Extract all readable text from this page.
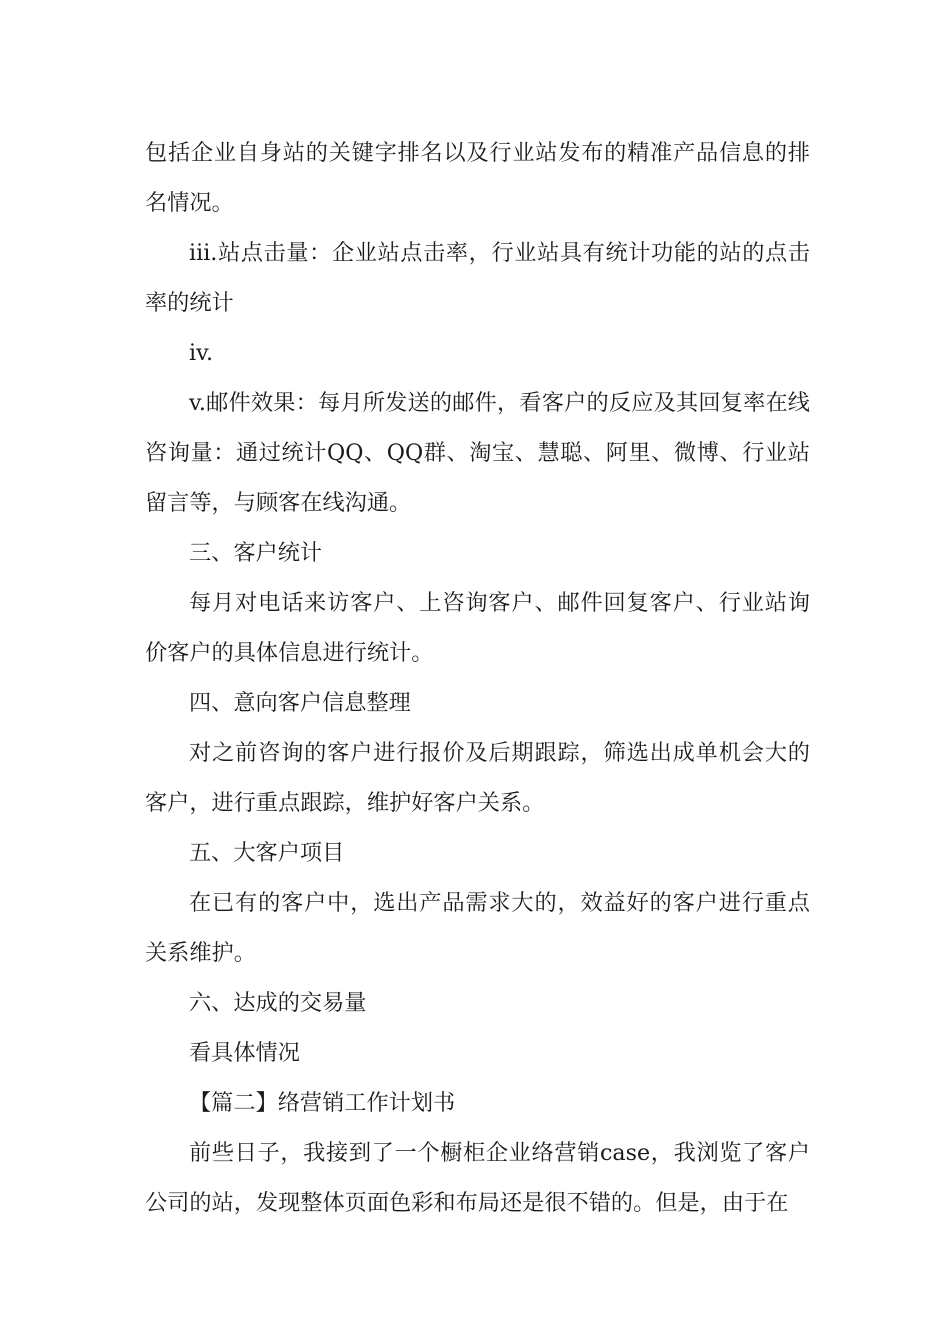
包括企业自身站的关键字排名以及行业站发布的精准产品信息的排名情况。

iii.站点击量：企业站点击率，行业站具有统计功能的站的点击率的统计

iv.

v.邮件效果：每月所发送的邮件，看客户的反应及其回复率在线咨询量：通过统计QQ、QQ群、淘宝、慧聪、阿里、微博、行业站留言等，与顾客在线沟通。

三、客户统计

每月对电话来访客户、上咨询客户、邮件回复客户、行业站询价客户的具体信息进行统计。

四、意向客户信息整理

对之前咨询的客户进行报价及后期跟踪，筛选出成单机会大的客户，进行重点跟踪，维护好客户关系。

五、大客户项目

在已有的客户中，选出产品需求大的，效益好的客户进行重点关系维护。

六、达成的交易量

看具体情况

【篇二】络营销工作计划书

前些日子，我接到了一个橱柜企业络营销case，我浏览了客户公司的站，发现整体页面色彩和布局还是很不错的。但是，由于在
